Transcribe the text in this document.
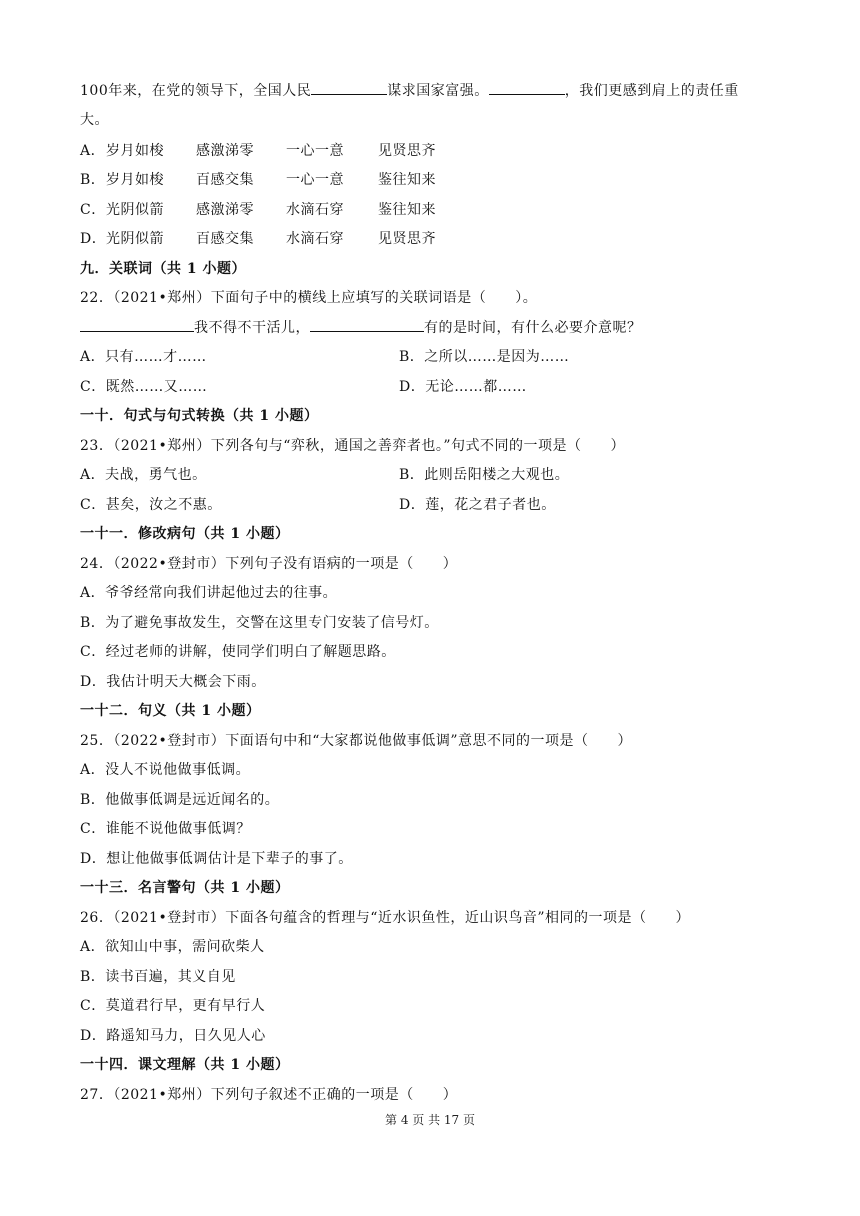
100年来，在党的领导下，全国人民	谋求国家富强。	，我们更感到肩上的责任重
大。
A．岁月如梭 感激涕零 一心一意 见贤思齐
B．岁月如梭 百感交集 一心一意 鉴往知来
C．光阴似箭 感激涕零 水滴石穿 鉴往知来
D．光阴似箭 百感交集 水滴石穿 见贤思齐
九．关联词（共 1 小题）
22．（2021•郑州）下面句子中的横线上应填写的关联词语是（　　）。
我不得不干活儿，	有的是时间，有什么必要介意呢？
A．只有……才……	B．之所以……是因为……
C．既然……又……	D．无论……都……
一十．句式与句式转换（共 1 小题）
23．（2021•郑州）下列各句与“弈秋，通国之善弈者也。”句式不同的一项是（　　）
A．夫战，勇气也。	B．此则岳阳楼之大观也。
C．甚矣，汝之不惠。	D．莲，花之君子者也。
一十一．修改病句（共 1 小题）
24．（2022•登封市）下列句子没有语病的一项是（　　）
A．爷爷经常向我们讲起他过去的往事。
B．为了避免事故发生，交警在这里专门安装了信号灯。
C．经过老师的讲解，使同学们明白了解题思路。
D．我估计明天大概会下雨。
一十二．句义（共 1 小题）
25．（2022•登封市）下面语句中和“大家都说他做事低调”意思不同的一项是（　　）
A．没人不说他做事低调。
B．他做事低调是远近闻名的。
C．谁能不说他做事低调？
D．想让他做事低调估计是下辈子的事了。
一十三．名言警句（共 1 小题）
26．（2021•登封市）下面各句蕴含的哲理与“近水识鱼性，近山识鸟音”相同的一项是（　　）
A．欲知山中事，需问砍柴人
B．读书百遍，其义自见
C．莫道君行早，更有早行人
D．路遥知马力，日久见人心
一十四．课文理解（共 1 小题）
27．（2021•郑州）下列句子叙述不正确的一项是（　　）
第 4 页 共 17 页
